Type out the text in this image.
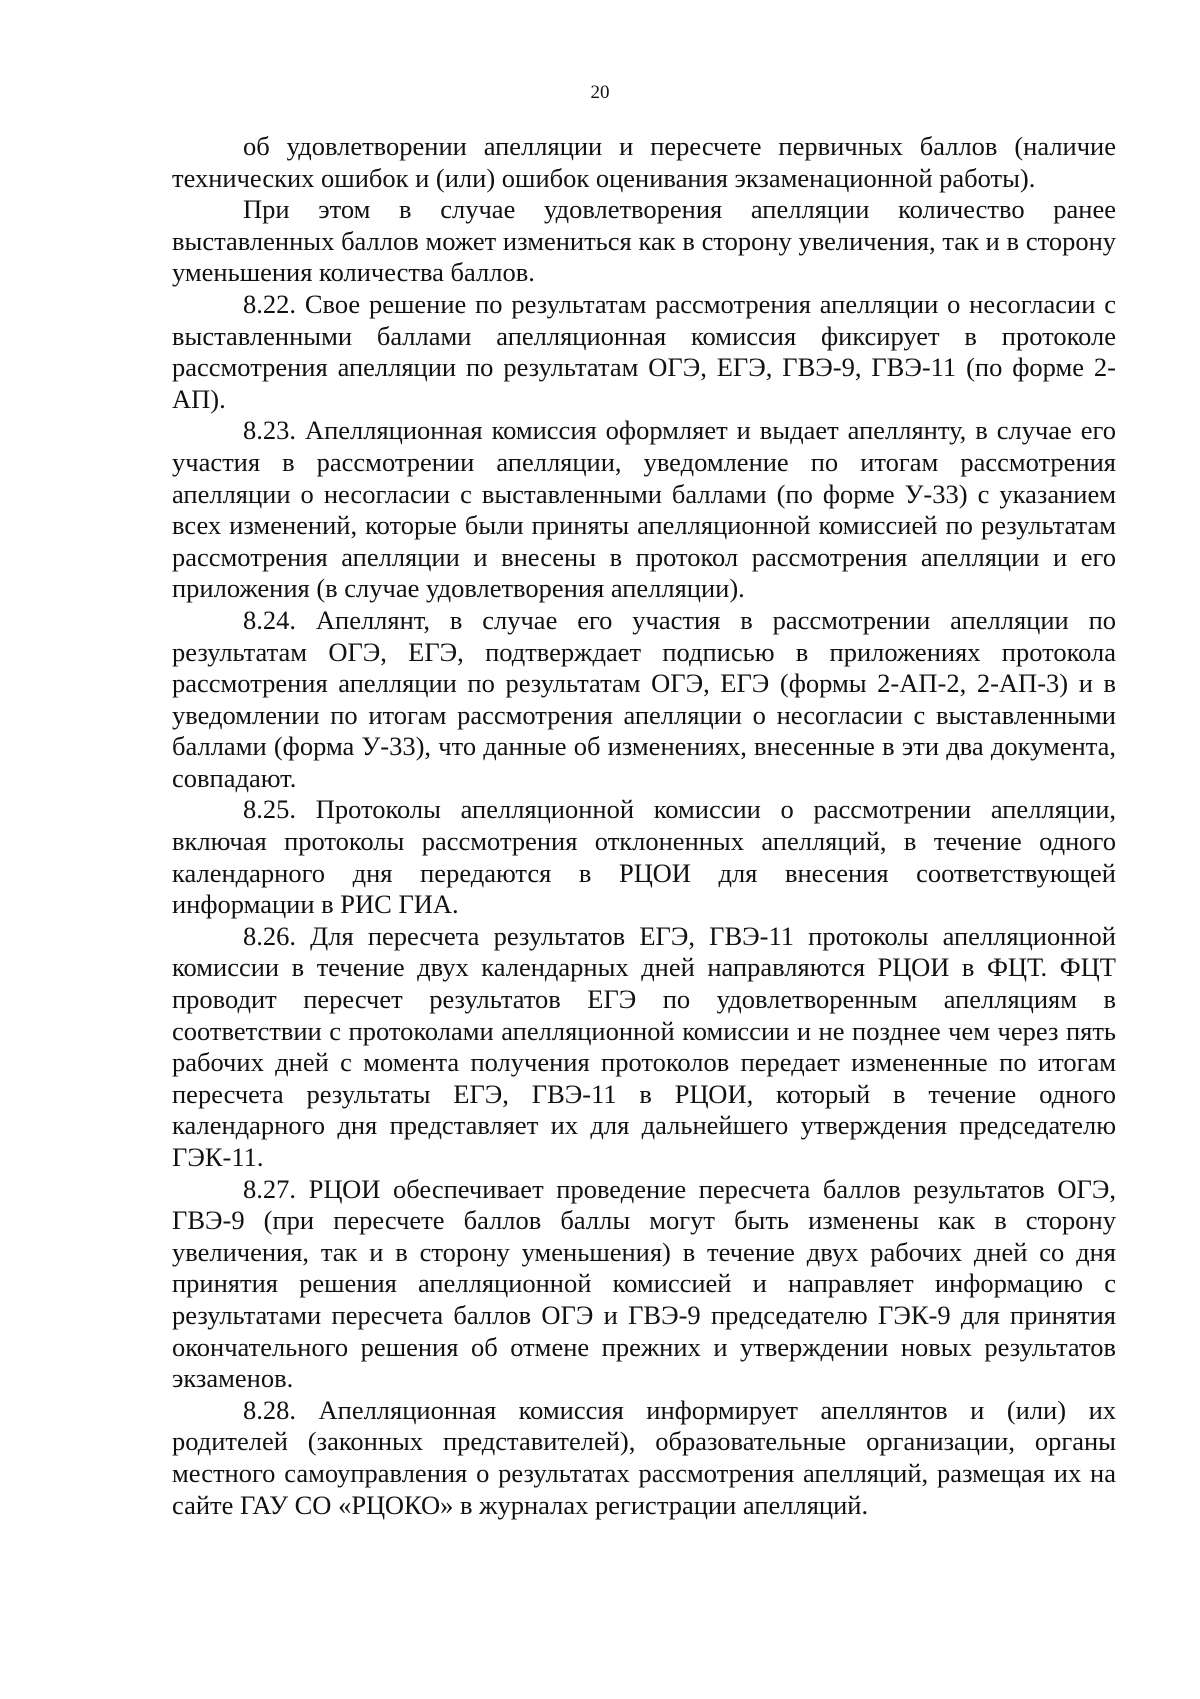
20

об удовлетворении апелляции и пересчете первичных баллов (наличие технических ошибок и (или) ошибок оценивания экзаменационной работы).

При этом в случае удовлетворения апелляции количество ранее выставленных баллов может измениться как в сторону увеличения, так и в сторону уменьшения количества баллов.

8.22. Свое решение по результатам рассмотрения апелляции о несогласии с выставленными баллами апелляционная комиссия фиксирует в протоколе рассмотрения апелляции по результатам ОГЭ, ЕГЭ, ГВЭ-9, ГВЭ-11 (по форме 2-АП).

8.23. Апелляционная комиссия оформляет и выдает апеллянту, в случае его участия в рассмотрении апелляции, уведомление по итогам рассмотрения апелляции о несогласии с выставленными баллами (по форме У-33) с указанием всех изменений, которые были приняты апелляционной комиссией по результатам рассмотрения апелляции и внесены в протокол рассмотрения апелляции и его приложения (в случае удовлетворения апелляции).

8.24. Апеллянт, в случае его участия в рассмотрении апелляции по результатам ОГЭ, ЕГЭ, подтверждает подписью в приложениях протокола рассмотрения апелляции по результатам ОГЭ, ЕГЭ (формы 2-АП-2, 2-АП-3) и в уведомлении по итогам рассмотрения апелляции о несогласии с выставленными баллами (форма У-33), что данные об изменениях, внесенные в эти два документа, совпадают.

8.25. Протоколы апелляционной комиссии о рассмотрении апелляции, включая протоколы рассмотрения отклоненных апелляций, в течение одного календарного дня передаются в РЦОИ для внесения соответствующей информации в РИС ГИА.

8.26. Для пересчета результатов ЕГЭ, ГВЭ-11 протоколы апелляционной комиссии в течение двух календарных дней направляются РЦОИ в ФЦТ. ФЦТ проводит пересчет результатов ЕГЭ по удовлетворенным апелляциям в соответствии с протоколами апелляционной комиссии и не позднее чем через пять рабочих дней с момента получения протоколов передает измененные по итогам пересчета результаты ЕГЭ, ГВЭ-11 в РЦОИ, который в течение одного календарного дня представляет их для дальнейшего утверждения председателю ГЭК-11.

8.27. РЦОИ обеспечивает проведение пересчета баллов результатов ОГЭ, ГВЭ-9 (при пересчете баллов баллы могут быть изменены как в сторону увеличения, так и в сторону уменьшения) в течение двух рабочих дней со дня принятия решения апелляционной комиссией и направляет информацию с результатами пересчета баллов ОГЭ и ГВЭ-9 председателю ГЭК-9 для принятия окончательного решения об отмене прежних и утверждении новых результатов экзаменов.

8.28. Апелляционная комиссия информирует апеллянтов и (или) их родителей (законных представителей), образовательные организации, органы местного самоуправления о результатах рассмотрения апелляций, размещая их на сайте ГАУ СО «РЦОКО» в журналах регистрации апелляций.
